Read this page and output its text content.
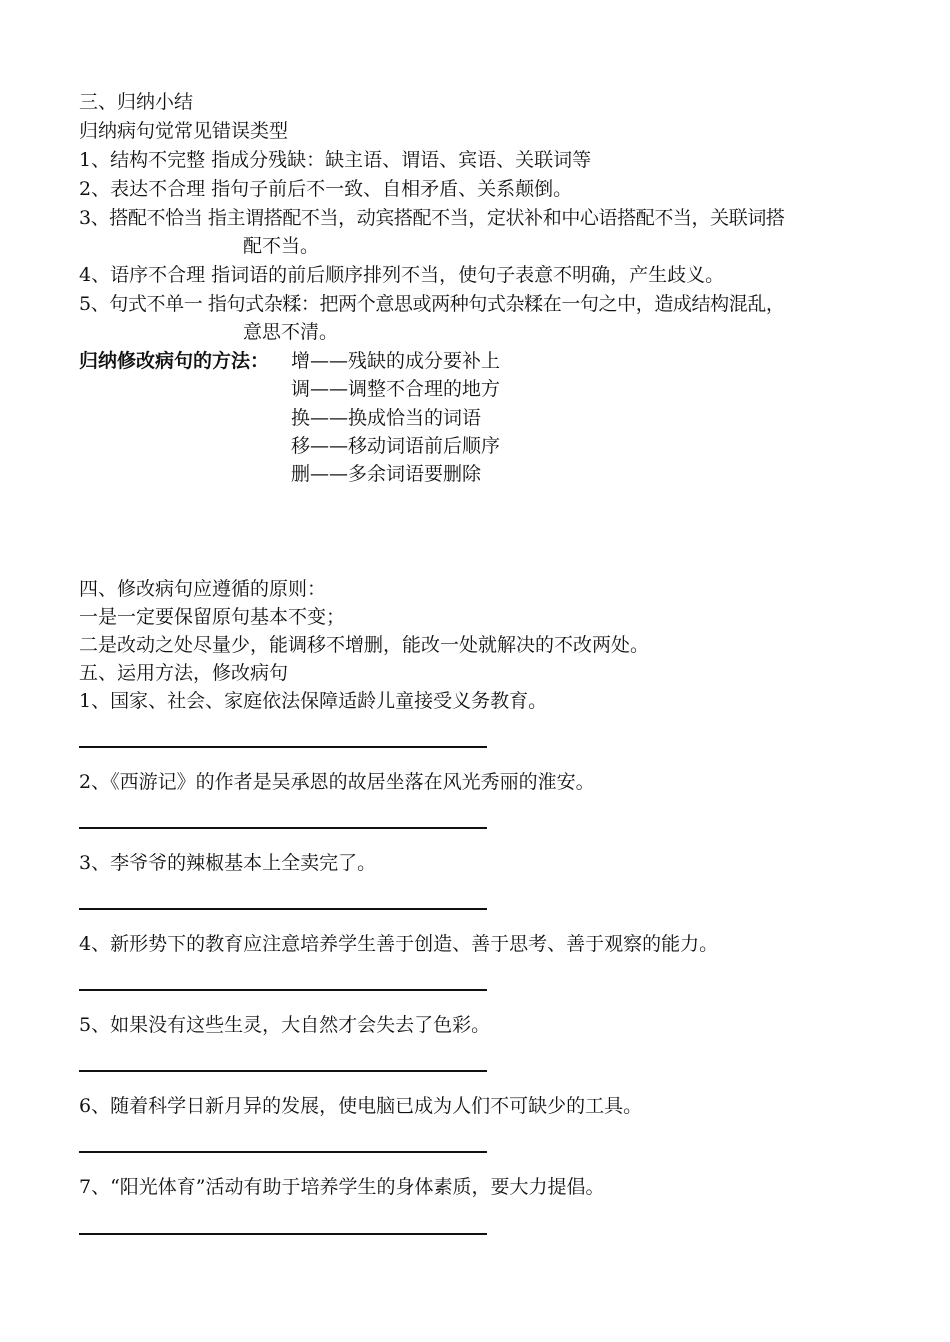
三、归纳小结
归纳病句觉常见错误类型
1、结构不完整 指成分残缺：缺主语、谓语、宾语、关联词等
2、表达不合理 指句子前后不一致、自相矛盾、关系颠倒。
3、搭配不恰当 指主谓搭配不当，动宾搭配不当，定状补和中心语搭配不当，关联词搭
配不当。
4、语序不合理 指词语的前后顺序排列不当，使句子表意不明确，产生歧义。
5、句式不单一 指句式杂糅：把两个意思或两种句式杂糅在一句之中，造成结构混乱，
意思不清。
归纳修改病句的方法： 增——残缺的成分要补上
调——调整不合理的地方
换——换成恰当的词语
移——移动词语前后顺序
删——多余词语要删除
四、修改病句应遵循的原则：
一是一定要保留原句基本不变；
二是改动之处尽量少，能调移不增删，能改一处就解决的不改两处。
五、运用方法，修改病句
1、国家、社会、家庭依法保障适龄儿童接受义务教育。
2、《西游记》的作者是吴承恩的故居坐落在风光秀丽的淮安。
3、李爷爷的辣椒基本上全卖完了。
4、新形势下的教育应注意培养学生善于创造、善于思考、善于观察的能力。
5、如果没有这些生灵，大自然才会失去了色彩。
6、随着科学日新月异的发展，使电脑已成为人们不可缺少的工具。
7、“阳光体育”活动有助于培养学生的身体素质，要大力提倡。
